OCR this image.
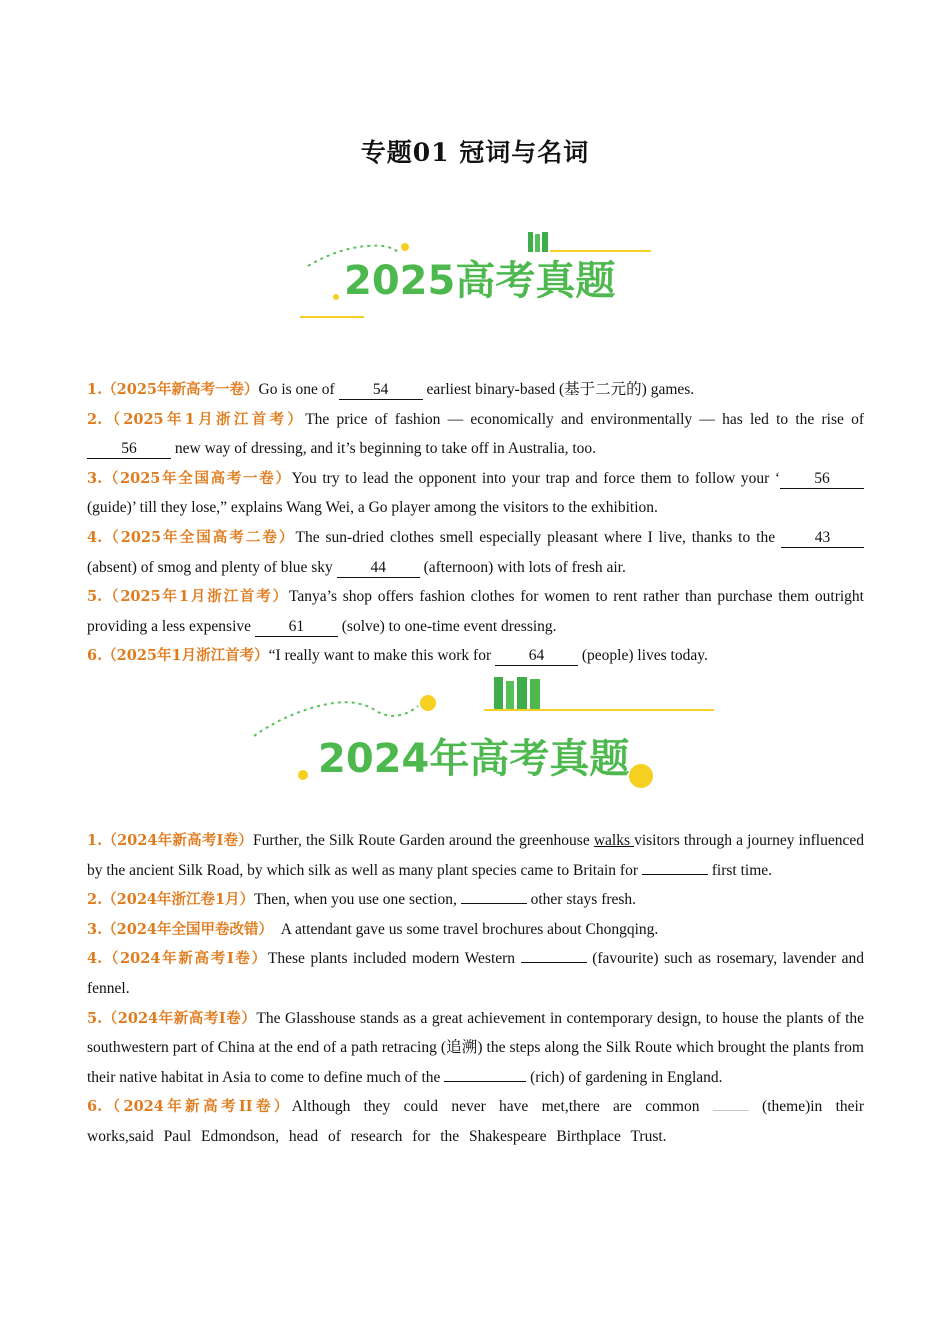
专题01 冠词与名词
2025高考真题

1.（2025年新高考一卷）Go is one of 54 earliest binary-based (基于二元的) games.

2.（2025年1月浙江首考）The price of fashion — economically and environmentally — has led to the rise of 56 new way of dressing, and it’s beginning to take off in Australia, too.

3.（2025年全国高考一卷）You try to lead the opponent into your trap and force them to follow your ‘ 56 (guide)’ till they lose,” explains Wang Wei, a Go player among the visitors to the exhibition.

4.（2025年全国高考二卷）The sun-dried clothes smell especially pleasant where I live, thanks to the 43 (absent) of smog and plenty of blue sky 44 (afternoon) with lots of fresh air.

5.（2025年1月浙江首考）Tanya’s shop offers fashion clothes for women to rent rather than purchase them outright providing a less expensive 61 (solve) to one-time event dressing.

6.（2025年1月浙江首考）“I really want to make this work for 64 (people) lives today.

2024年高考真题

1.（2024年新高考I卷）Further, the Silk Route Garden around the greenhouse walks visitors through a journey influenced by the ancient Silk Road, by which silk as well as many plant species came to Britain for	first time.

2.（2024年浙江卷1月）Then, when you use one section,	other stays fresh.

3.（2024年全国甲卷改错）  A attendant gave us some travel brochures about Chongqing.

4.（2024年新高考I卷）These plants included modern Western	(favourite) such as rosemary, lavender and fennel.

5.（2024年新高考I卷）The Glasshouse stands as a great achievement in contemporary design, to house the plants of the southwestern part of China at the end of a path retracing (追溯) the steps along the Silk Route which brought the plants from their native habitat in Asia to come to define much of the	(rich) of gardening in England.

6.（2024年新高考II卷）Although they could never have met,there are common  (theme)in their works,said Paul Edmondson, head of research for the Shakespeare Birthplace Trust.
